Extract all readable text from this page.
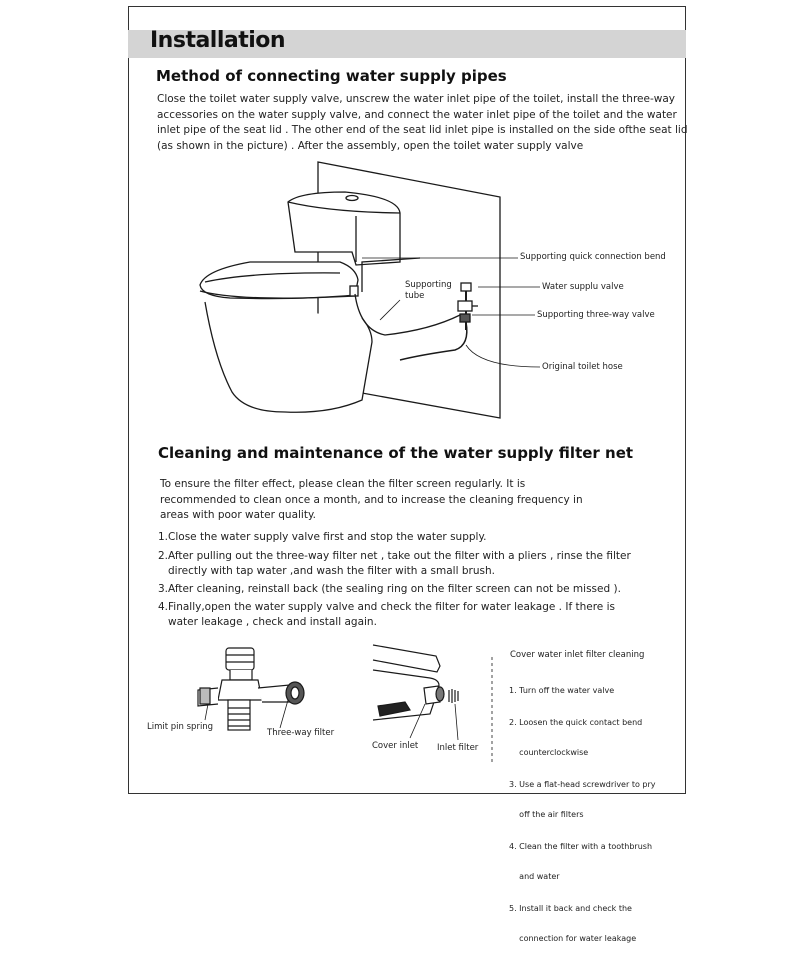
Installation
Method of connecting water supply pipes
Close the toilet water supply valve, unscrew the water inlet pipe of the toilet, install the three-way
accessories on the water supply valve, and connect the water inlet pipe of the toilet and the water
inlet pipe of the seat lid . The other end of the seat lid inlet pipe is installed on the side ofthe seat lid
(as shown in the picture) . After the assembly, open the toilet water supply valve
Supporting
tube
Supporting quick connection bend
Water supplu valve
Supporting three-way valve
Original toilet hose
Cleaning and maintenance of the water supply filter net
To ensure the filter effect, please clean the filter screen regularly. It is
recommended to clean once a month, and to increase the cleaning frequency in
areas with poor water quality.
1.Close the water supply valve first and stop the water supply.
2.After pulling out the three-way filter net , take out the filter with a pliers , rinse the filter
directly with tap water ,and wash the filter with a small brush.
3.After cleaning, reinstall back (the sealing ring on the filter screen can not be missed ).
4.Finally,open the water supply valve and check the filter for water leakage . If there is
water leakage , check and install again.
Limit pin spring
Three-way filter
Cover inlet Inlet filter
Cover water inlet filter cleaning

1. Turn off the water valve

2. Loosen the quick contact bend

counterclockwise

3. Use a flat-head screwdriver to pry

off the air filters

4. Clean the filter with a toothbrush

and water

5. Install it back and check the

connection for water leakage
